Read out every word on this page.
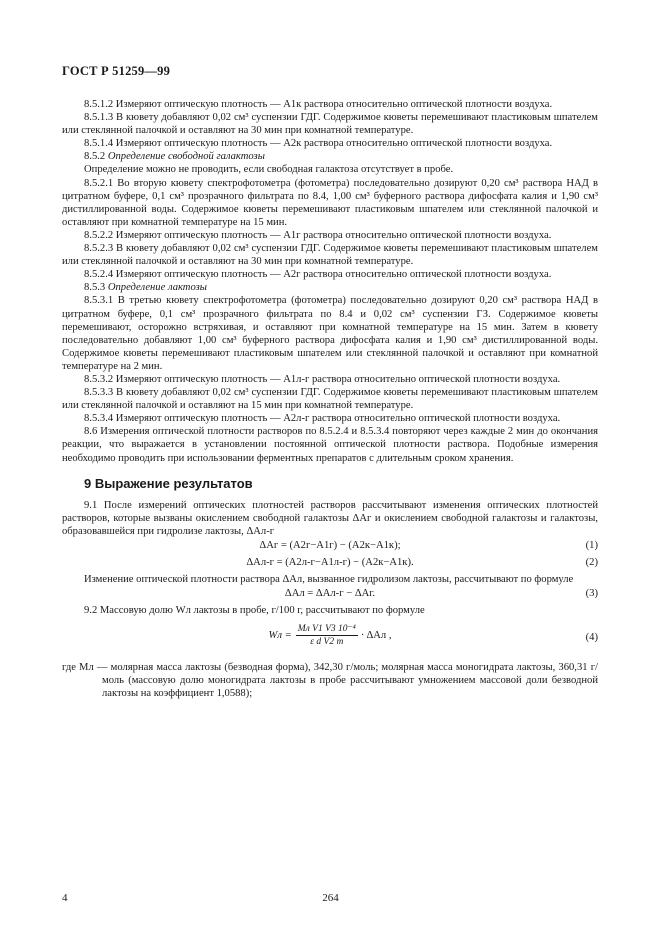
ГОСТ Р 51259—99

8.5.1.2 Измеряют оптическую плотность — A1к раствора относительно оптической плотности воздуха.

8.5.1.3 В кювету добавляют 0,02 см³ суспензии ГДГ. Содержимое кюветы перемешивают пластиковым шпателем или стеклянной палочкой и оставляют на 30 мин при комнатной температуре.

8.5.1.4 Измеряют оптическую плотность — A2к раствора относительно оптической плотности воздуха.

8.5.2 Определение свободной галактозы

Определение можно не проводить, если свободная галактоза отсутствует в пробе.

8.5.2.1 Во вторую кювету спектрофотометра (фотометра) последовательно дозируют 0,20 см³ раствора НАД в цитратном буфере, 0,1 см³ прозрачного фильтрата по 8.4, 1,00 см³ буферного раствора дифосфата калия и 1,90 см³ дистиллированной воды. Содержимое кюветы перемешивают пластиковым шпателем или стеклянной палочкой и оставляют при комнатной температуре на 15 мин.

8.5.2.2 Измеряют оптическую плотность — A1г раствора относительно оптической плотности воздуха.

8.5.2.3 В кювету добавляют 0,02 см³ суспензии ГДГ. Содержимое кюветы перемешивают пластиковым шпателем или стеклянной палочкой и оставляют на 30 мин при комнатной температуре.

8.5.2.4 Измеряют оптическую плотность — A2г раствора относительно оптической плотности воздуха.

8.5.3 Определение лактозы

8.5.3.1 В третью кювету спектрофотометра (фотометра) последовательно дозируют 0,20 см³ раствора НАД в цитратном буфере, 0,1 см³ прозрачного фильтрата по 8.4 и 0,02 см³ суспензии ГЗ. Содержимое кюветы перемешивают, осторожно встряхивая, и оставляют при комнатной температуре на 15 мин. Затем в кювету последовательно добавляют 1,00 см³ буферного раствора дифосфата калия и 1,90 см³ дистиллированной воды. Содержимое кюветы перемешивают пластиковым шпателем или стеклянной палочкой и оставляют при комнатной температуре на 2 мин.

8.5.3.2 Измеряют оптическую плотность — A1л-г раствора относительно оптической плотности воздуха.

8.5.3.3 В кювету добавляют 0,02 см³ суспензии ГДГ. Содержимое кюветы перемешивают пластиковым шпателем или стеклянной палочкой и оставляют на 15 мин при комнатной температуре.

8.5.3.4 Измеряют оптическую плотность — A2л-г раствора относительно оптической плотности воздуха.

8.6 Измерения оптической плотности растворов по 8.5.2.4 и 8.5.3.4 повторяют через каждые 2 мин до окончания реакции, что выражается в установлении постоянной оптической плотности раствора. Подобные измерения необходимо проводить при использовании ферментных препаратов с длительным сроком хранения.

9 Выражение результатов

9.1 После измерений оптических плотностей растворов рассчитывают изменения оптических плотностей растворов, которые вызваны окислением свободной галактозы ΔAг и окислением свободной галактозы и галактозы, образовавшейся при гидролизе лактозы, ΔAл-г

ΔAг = (A2г−A1г) − (A2к−A1к);	(1)
ΔAл-г = (A2л-г−A1л-г) − (A2к−A1к).	(2)

Изменение оптической плотности раствора ΔAл, вызванное гидролизом лактозы, рассчитывают по формуле

ΔAл = ΔAл-г − ΔAг.	(3)

9.2 Массовую долю Wл лактозы в пробе, г/100 г, рассчитывают по формуле

Wл =
Mл V1 V3 10⁻⁴
ε d V2 m
· ΔAл ,	(4)

где Mл — молярная масса лактозы (безводная форма), 342,30 г/моль; молярная масса моногидрата лактозы, 360,31 г/моль (массовую долю моногидрата лактозы в пробе рассчитывают умножением массовой доли безводной лактозы на коэффициент 1,0588);

4	264
